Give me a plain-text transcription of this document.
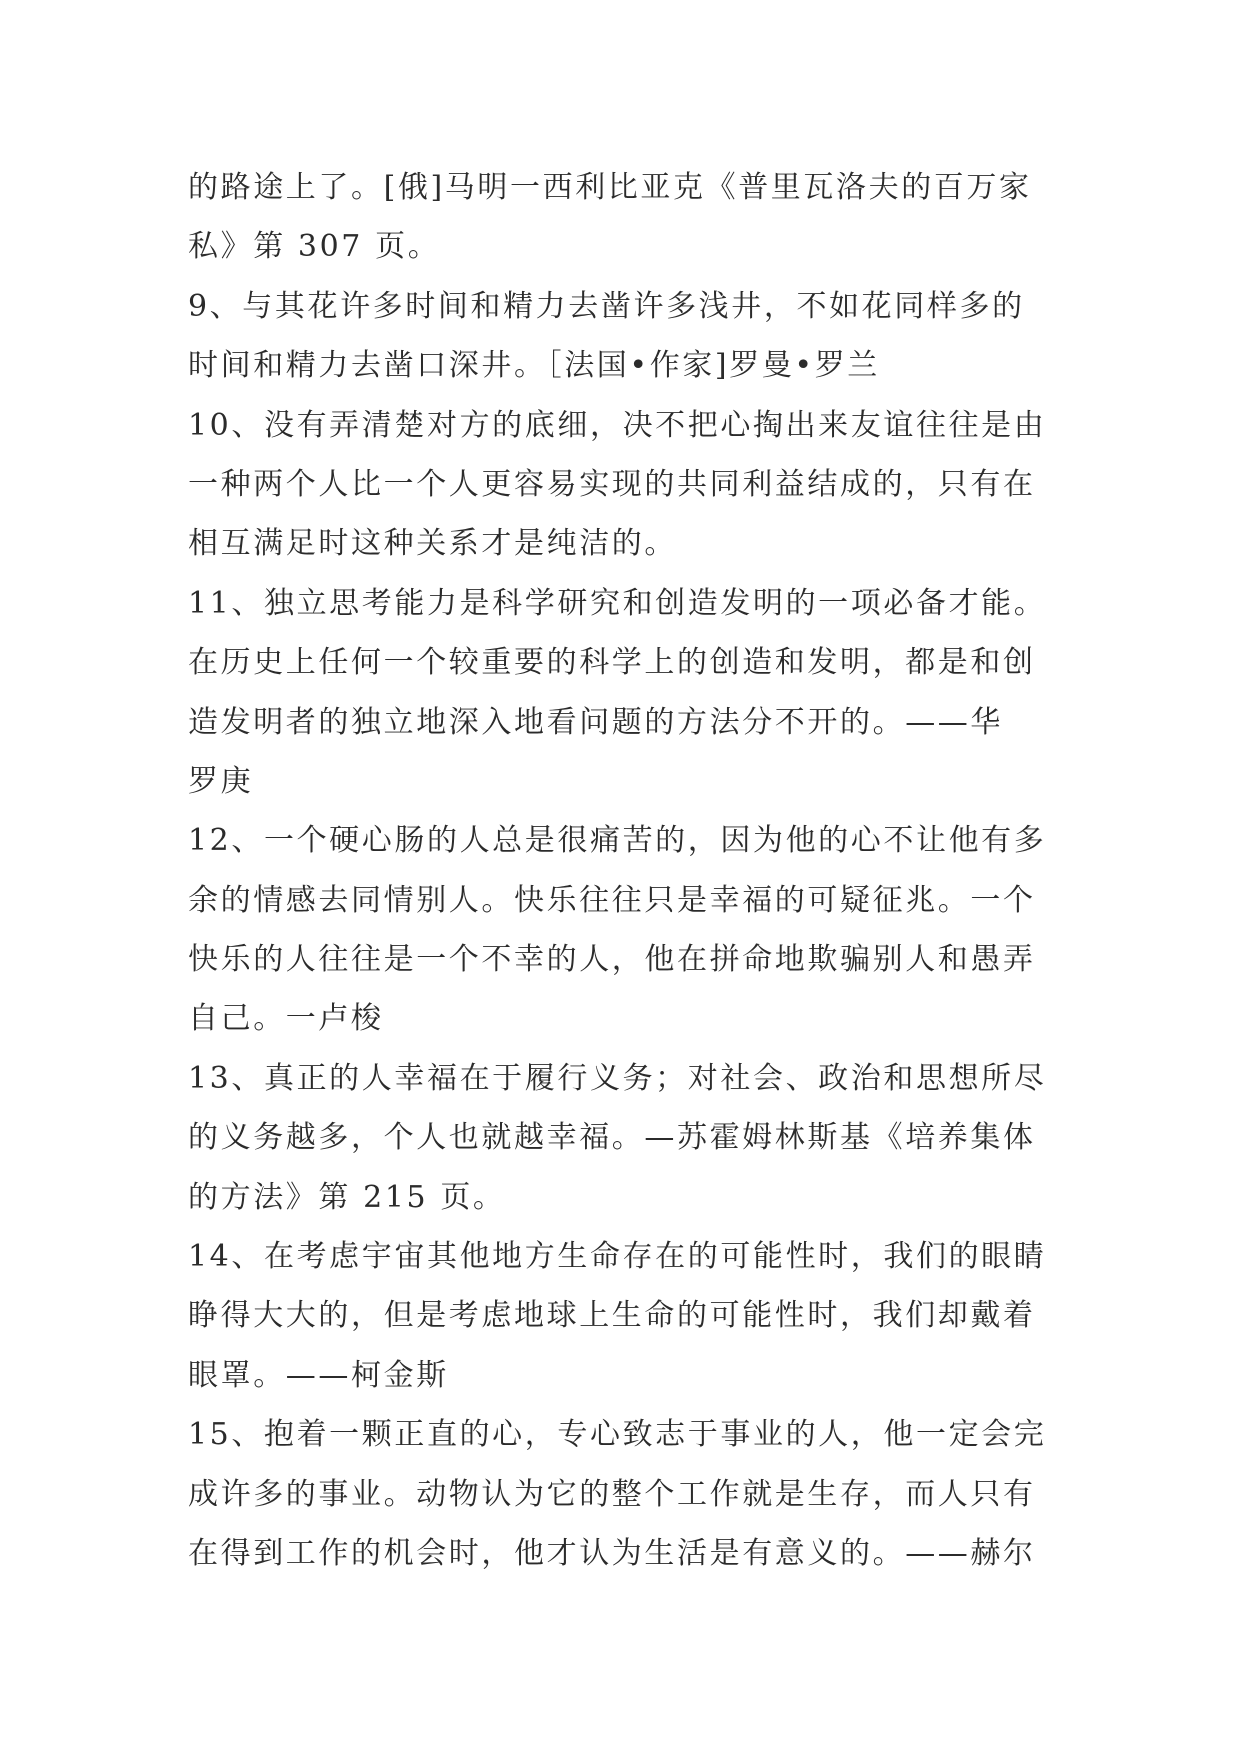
的路途上了。[俄]马明一西利比亚克《普里瓦洛夫的百万家
私》第 307 页。
9、与其花许多时间和精力去凿许多浅井，不如花同样多的
时间和精力去凿口深井。［法国•作家]罗曼•罗兰
10、没有弄清楚对方的底细，决不把心掏出来友谊往往是由
一种两个人比一个人更容易实现的共同利益结成的，只有在
相互满足时这种关系才是纯洁的。
11、独立思考能力是科学研究和创造发明的一项必备才能。
在历史上任何一个较重要的科学上的创造和发明，都是和创
造发明者的独立地深入地看问题的方法分不开的。——华
罗庚
12、一个硬心肠的人总是很痛苦的，因为他的心不让他有多
余的情感去同情别人。快乐往往只是幸福的可疑征兆。一个
快乐的人往往是一个不幸的人，他在拼命地欺骗别人和愚弄
自己。一卢梭
13、真正的人幸福在于履行义务；对社会、政治和思想所尽
的义务越多，个人也就越幸福。—苏霍姆林斯基《培养集体
的方法》第 215 页。
14、在考虑宇宙其他地方生命存在的可能性时，我们的眼睛
睁得大大的，但是考虑地球上生命的可能性时，我们却戴着
眼罩。——柯金斯
15、抱着一颗正直的心，专心致志于事业的人，他一定会完
成许多的事业。动物认为它的整个工作就是生存，而人只有
在得到工作的机会时，他才认为生活是有意义的。——赫尔
